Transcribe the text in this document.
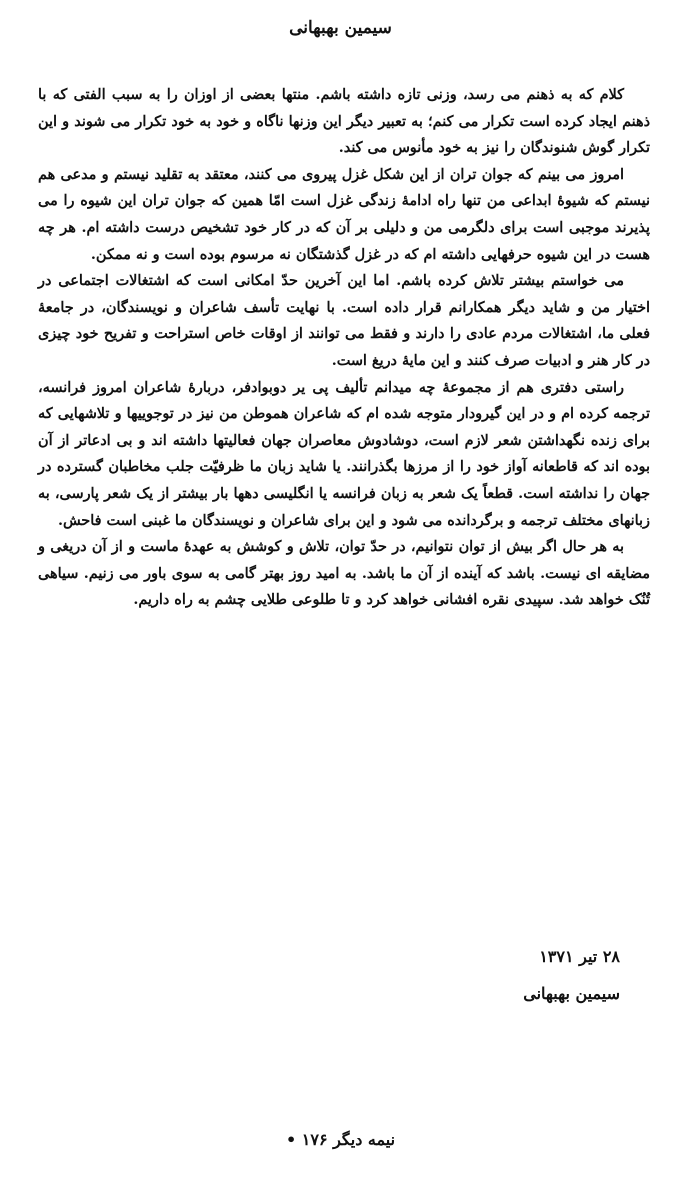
سیمین بهبهانی

کلام که به ذهنم می رسد، وزنی تازه داشته باشم. منتها بعضی از اوزان را به سبب الفتی که با ذهنم ایجاد کرده است تکرار می کنم؛ به تعبیر دیگر این وزنها ناگاه و خود به خود تکرار می شوند و این تکرار گوش شنوندگان را نیز به خود مأنوس می کند.

امروز می بینم که جوان تران از این شکل غزل پیروی می کنند، معتقد به تقلید نیستم و مدعی هم نیستم که شیوهٔ ابداعی من تنها راه ادامهٔ زندگی غزل است امّا همین که جوان تران این شیوه را می پذیرند موجبی است برای دلگرمی من و دلیلی بر آن که در کار خود تشخیص درست داشته ام. هر چه هست در این شیوه حرفهایی داشته ام که در غزل گذشتگان نه مرسوم بوده است و نه ممکن.

می خواستم بیشتر تلاش کرده باشم. اما این آخرین حدّ امکانی است که اشتغالات اجتماعی در اختیار من و شاید دیگر همکارانم قرار داده است. با نهایت تأسف شاعران و نویسندگان، در جامعهٔ فعلی ما، اشتغالات مردم عادی را دارند و فقط می توانند از اوقات خاص استراحت و تفریح خود چیزی در کار هنر و ادبیات صرف کنند و این مایهٔ دریغ است.

راستی دفتری هم از مجموعهٔ چه میدانم تألیف پی یر دوبوادفر، دربارهٔ شاعران امروز فرانسه، ترجمه کرده ام و در این گیرودار متوجه شده ام که شاعران هموطن من نیز در توجوییها و تلاشهایی که برای زنده نگهداشتن شعر لازم است، دوشادوش معاصران جهان فعالیتها داشته اند و بی ادعاتر از آن بوده اند که قاطعانه آواز خود را از مرزها بگذرانند. یا شاید زبان ما ظرفیّت جلب مخاطبان گسترده در جهان را نداشته است. قطعاً یک شعر به زبان فرانسه یا انگلیسی دهها بار بیشتر از یک شعر پارسی، به زبانهای مختلف ترجمه و برگردانده می شود و این برای شاعران و نویسندگان ما غبنی است فاحش.

به هر حال اگر بیش از توان نتوانیم، در حدّ توان، تلاش و کوشش به عهدهٔ ماست و از آن دریغی و مضایقه ای نیست. باشد که آینده از آن ما باشد. به امید روز بهتر گامی به سوی باور می زنیم. سیاهی تُنُک خواهد شد. سپیدی نقره افشانی خواهد کرد و تا طلوعی طلایی چشم به راه داریم.

۲۸ تیر ۱۳۷۱
سیمین بهبهانی
نیمه دیگر ۱۷۶ •
